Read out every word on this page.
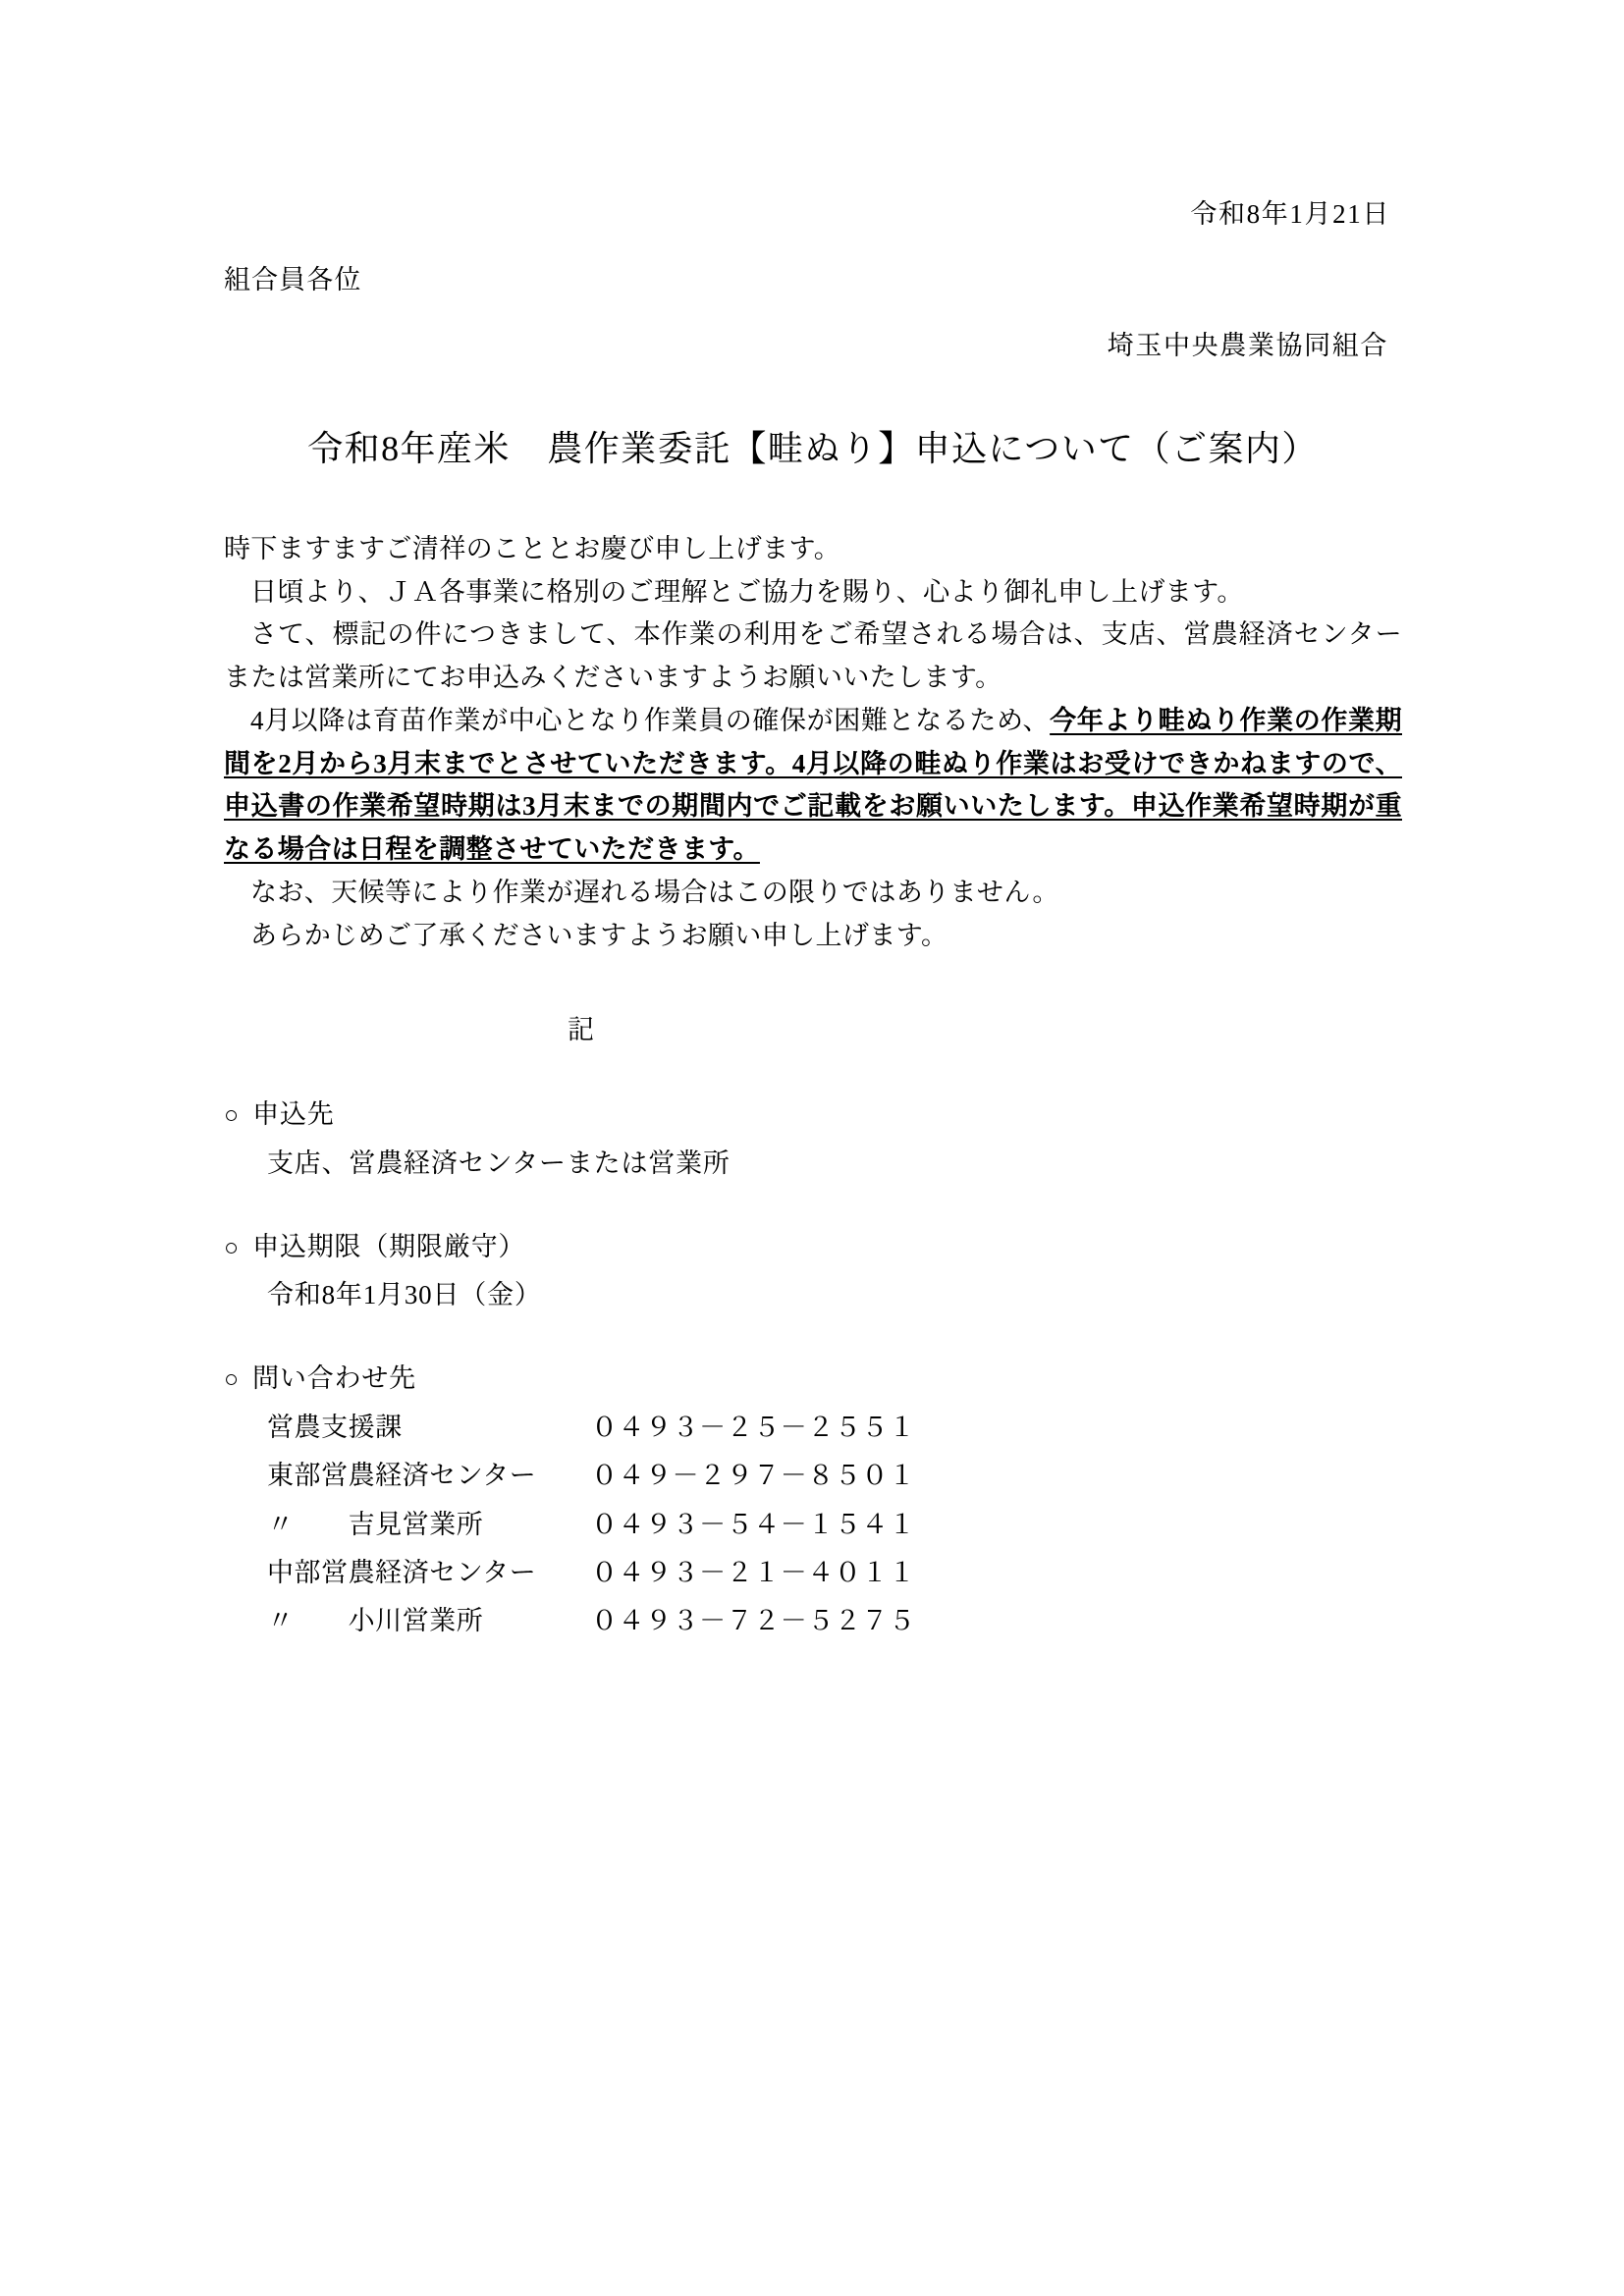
令和8年1月21日
組合員各位
埼玉中央農業協同組合
令和8年産米　農作業委託【畦ぬり】申込について（ご案内）

時下ますますご清祥のこととお慶び申し上げます。

日頃より、ＪＡ各事業に格別のご理解とご協力を賜り、心より御礼申し上げます。

さて、標記の件につきまして、本作業の利用をご希望される場合は、支店、営農経済センターまたは営業所にてお申込みくださいますようお願いいたします。

4月以降は育苗作業が中心となり作業員の確保が困難となるため、今年より畦ぬり作業の作業期間を2月から3月末までとさせていただきます。4月以降の畦ぬり作業はお受けできかねますので、申込書の作業希望時期は3月末までの期間内でご記載をお願いいたします。申込作業希望時期が重なる場合は日程を調整させていただきます。

なお、天候等により作業が遅れる場合はこの限りではありません。

あらかじめご了承くださいますようお願い申し上げます。

記
○ 申込先
支店、営農経済センターまたは営業所
○ 申込期限（期限厳守）
令和8年1月30日（金）
○ 問い合わせ先
営農支援課	０４９３－２５－２５５１
東部営農経済センター	０４９－２９７－８５０１
〃　　吉見営業所	０４９３－５４－１５４１
中部営農経済センター	０４９３－２１－４０１１
〃　　小川営業所	０４９３－７２－５２７５
